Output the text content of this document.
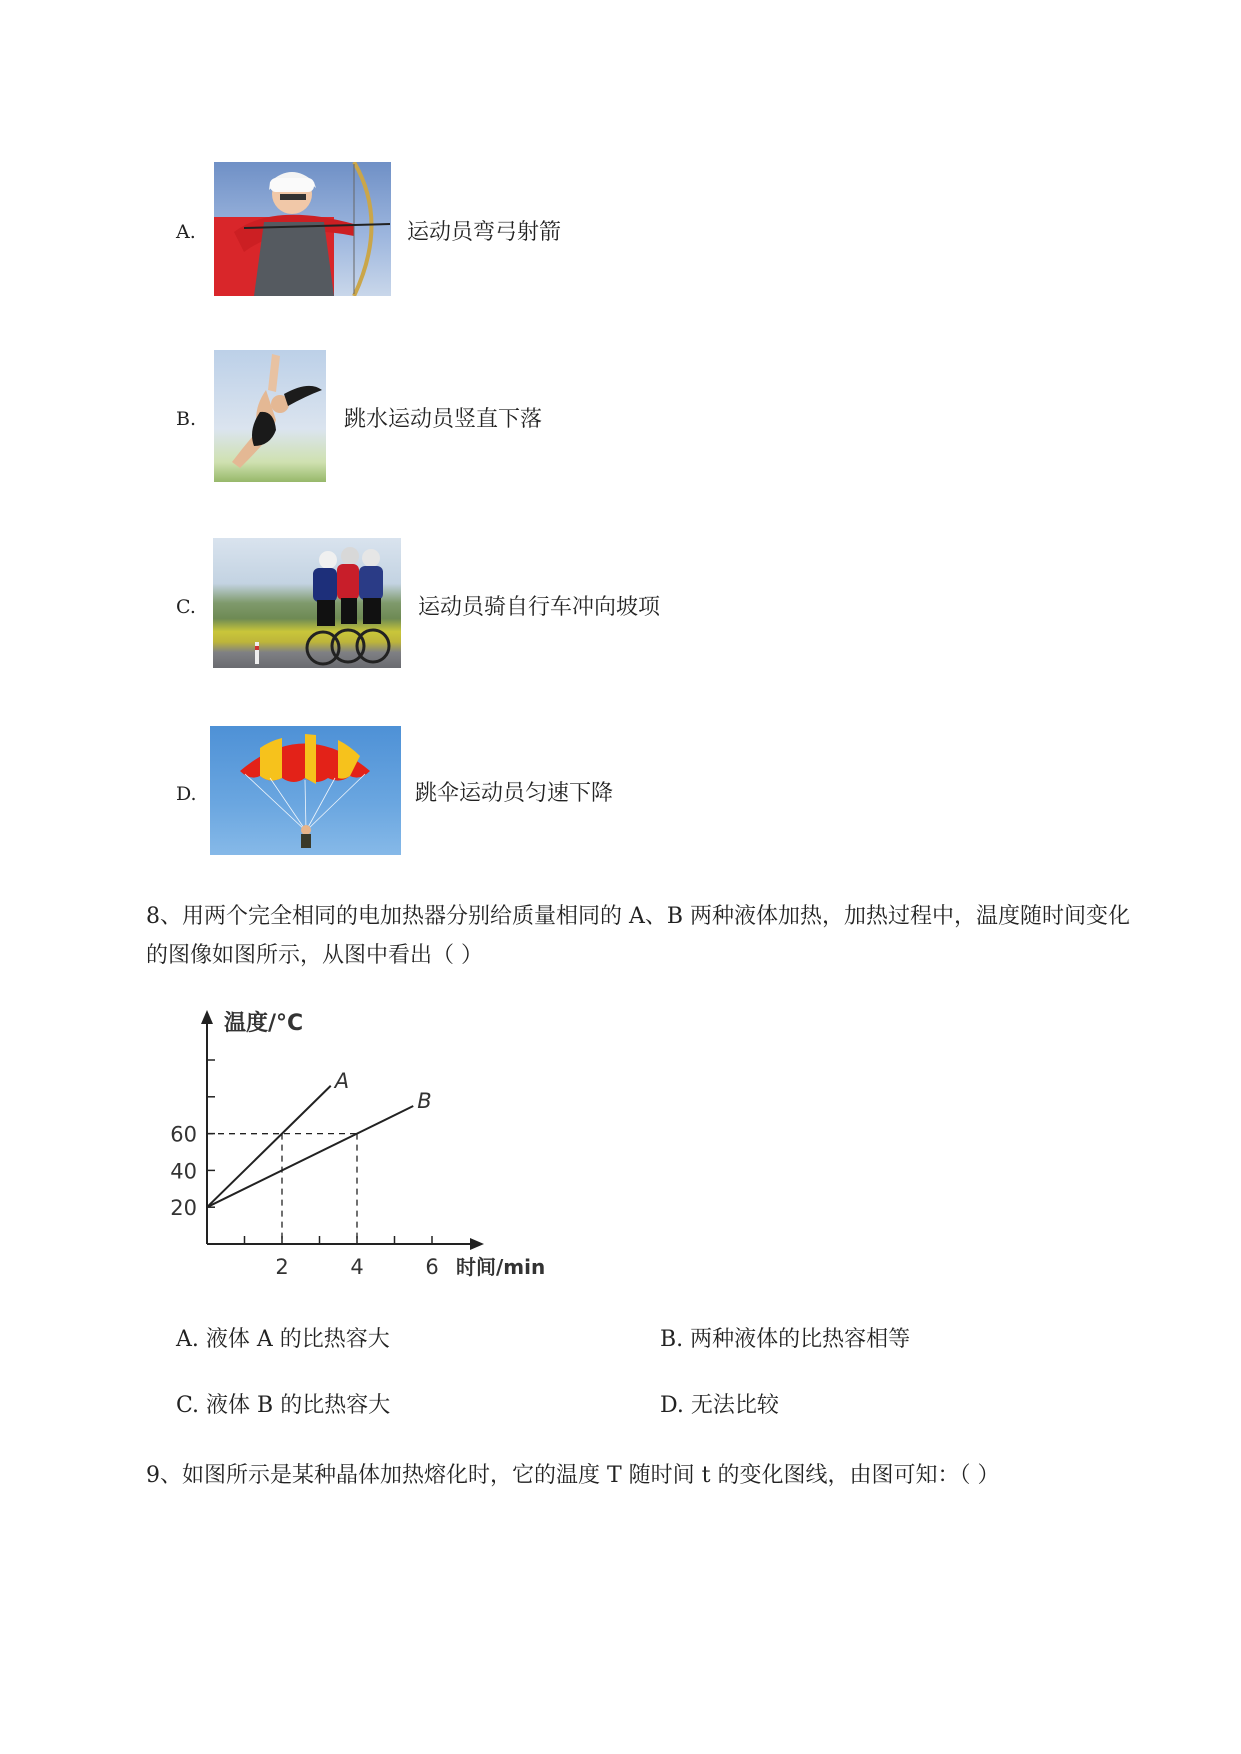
A.	运动员弯弓射箭
B.	跳水运动员竖直下落
C.	运动员骑自行车冲向坡项
D.	跳伞运动员匀速下降
8、用两个完全相同的电加热器分别给质量相同的 A、B 两种液体加热，加热过程中，温度随时间变化
的图像如图所示，从图中看出（ ）
温度/°C
时间/min
2	4	6
20
40
60
A
B
A. 液体 A 的比热容大	B. 两种液体的比热容相等
C. 液体 B 的比热容大	D. 无法比较
9、如图所示是某种晶体加热熔化时，它的温度 T 随时间 t 的变化图线，由图可知：（ ）
